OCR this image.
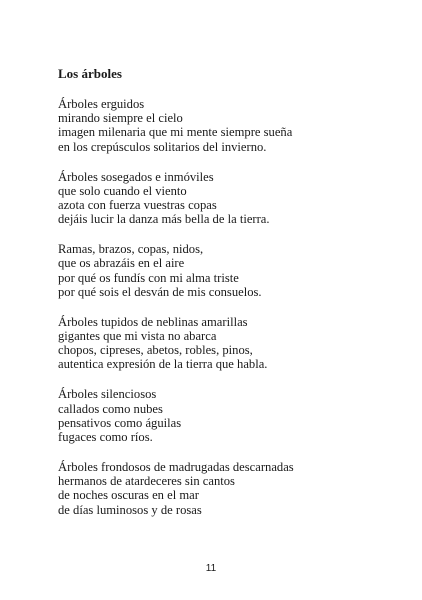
Los árboles
Árboles erguidos
mirando siempre el cielo
imagen milenaria que mi mente siempre sueña
en los crepúsculos solitarios del invierno.
Árboles sosegados e inmóviles
que solo cuando el viento
azota con fuerza vuestras copas
dejáis lucir la danza más bella de la tierra.
Ramas, brazos, copas, nidos,
que os abrazáis en el aire
por qué os fundís con mi alma triste
por qué sois el desván de mis consuelos.
Árboles tupidos de neblinas amarillas
gigantes que mi vista no abarca
chopos, cipreses, abetos, robles, pinos,
autentica expresión de la tierra que habla.
Árboles silenciosos
callados como nubes
pensativos como águilas
fugaces como ríos.
Árboles frondosos de madrugadas descarnadas
hermanos de atardeceres sin cantos
de noches oscuras en el mar
de días luminosos y de rosas
11
